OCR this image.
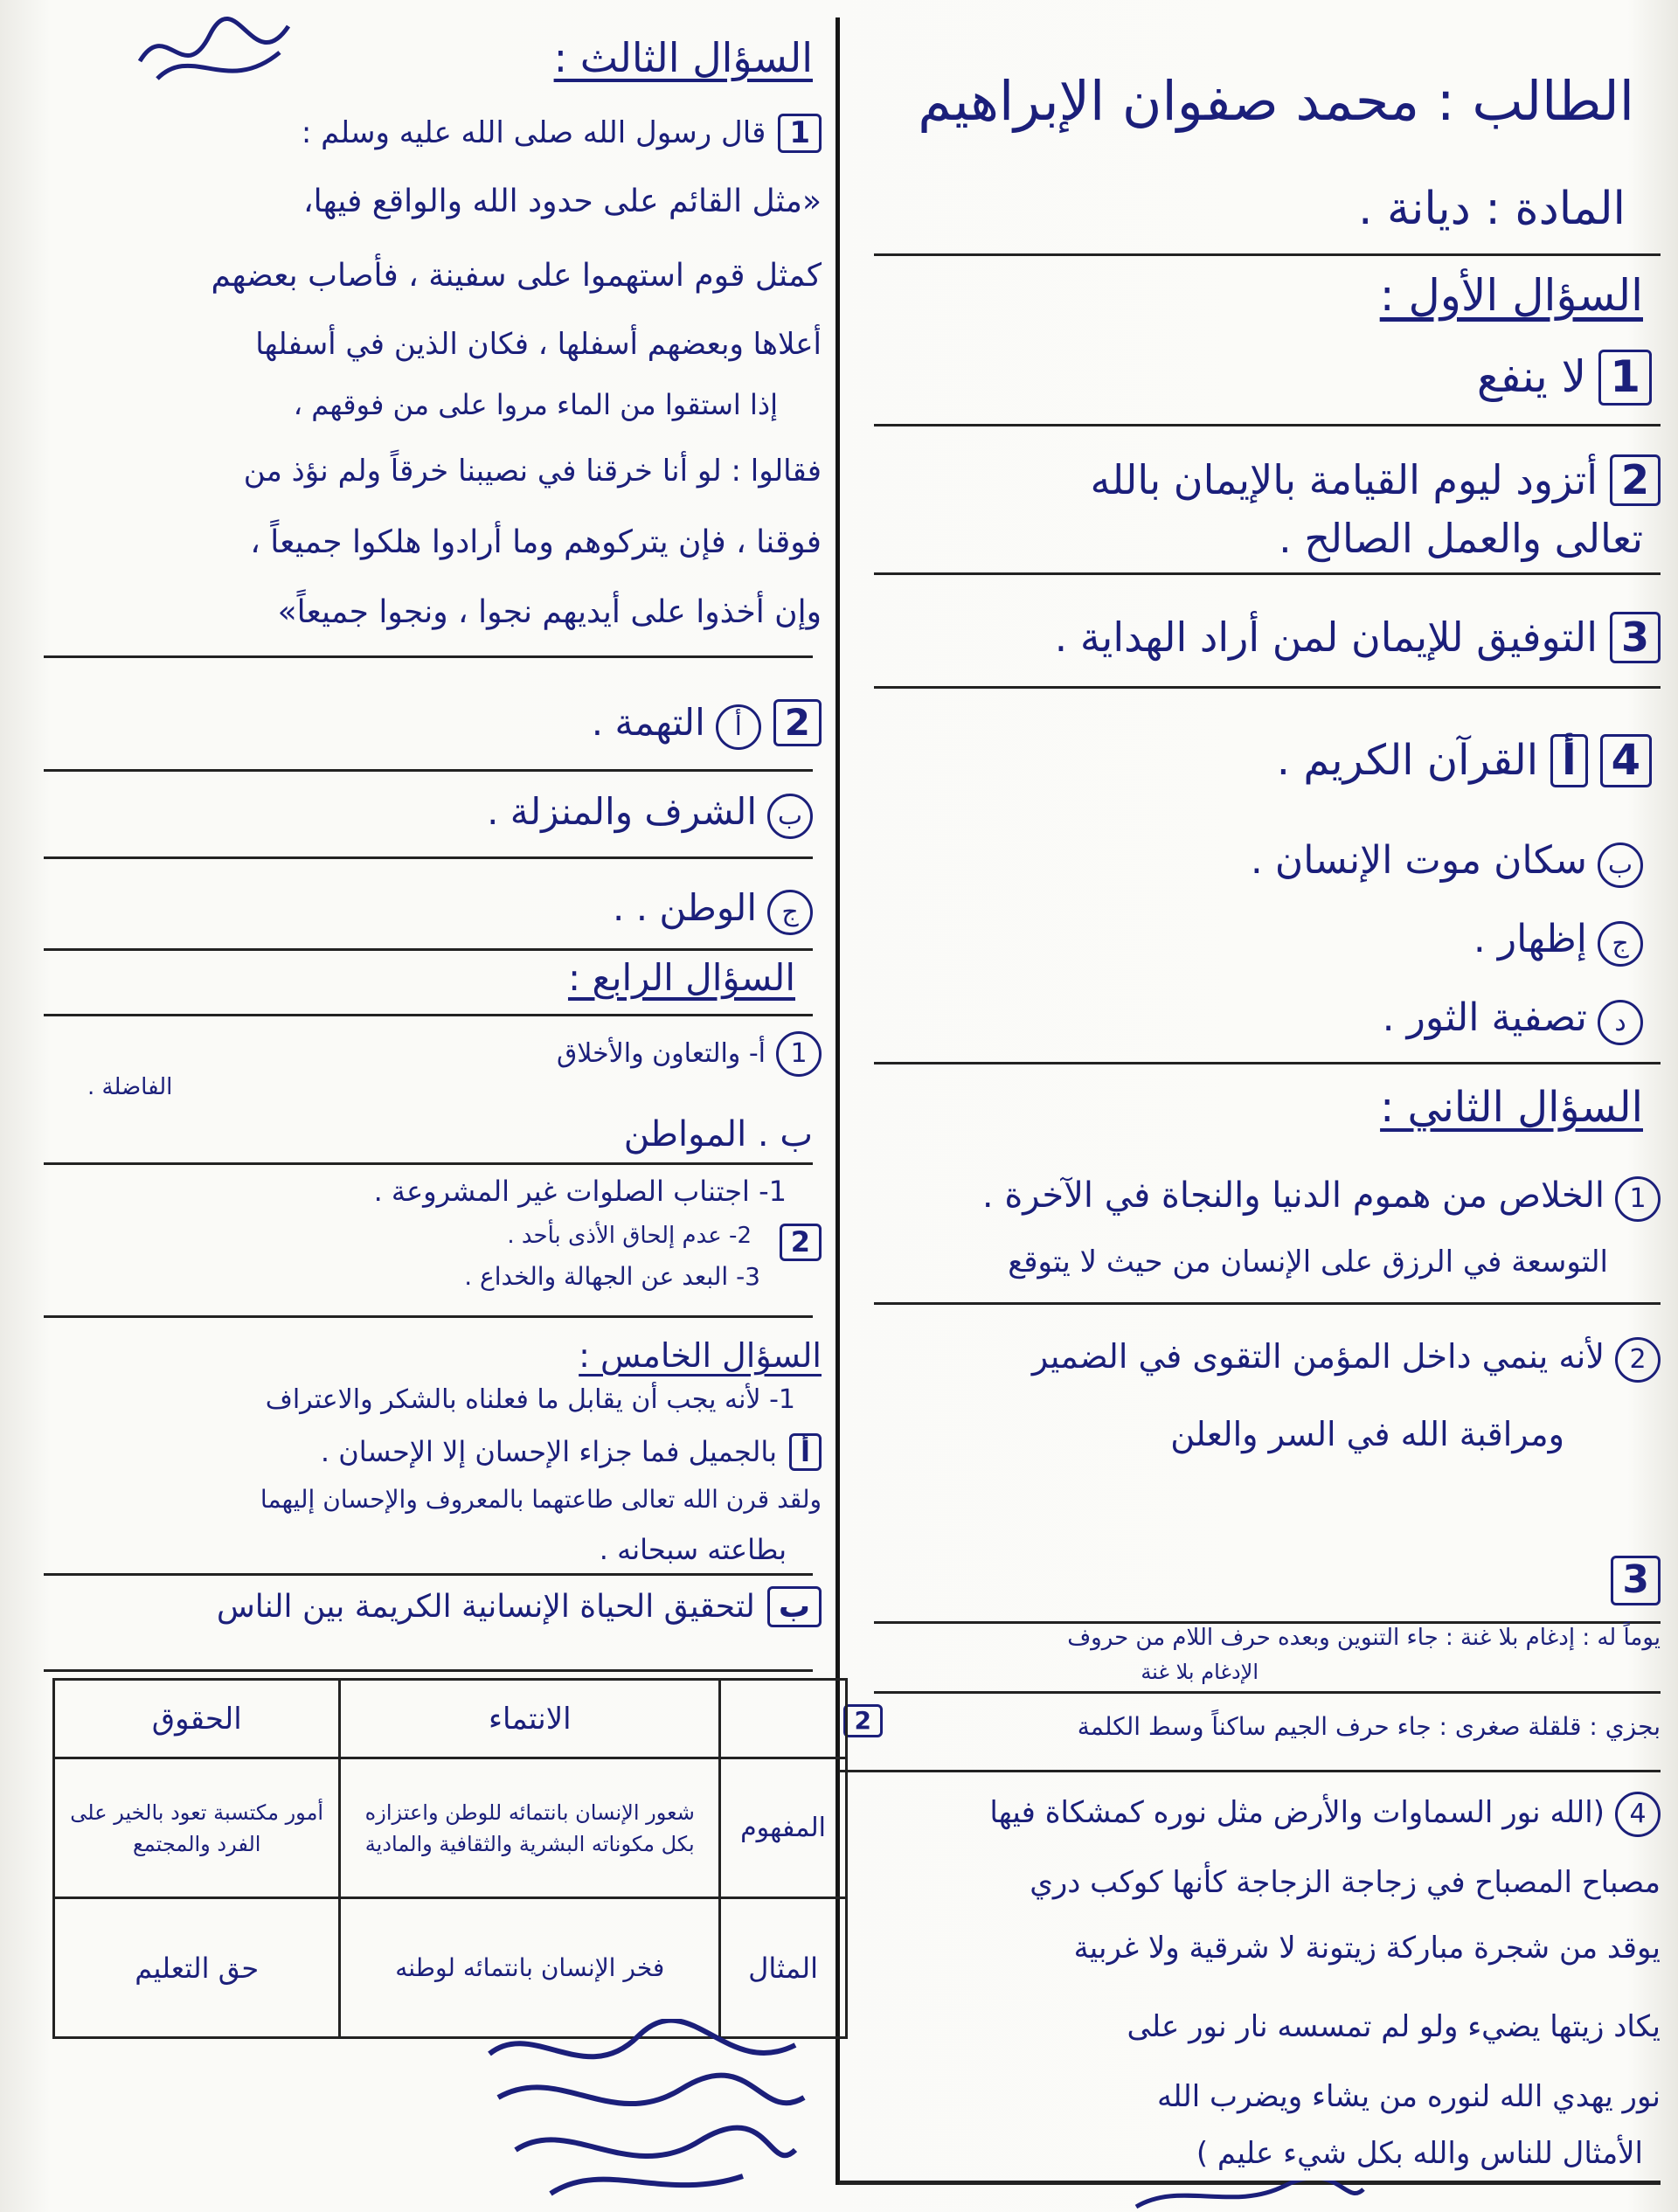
الطالب : محمد صفوان الإبراهيم
المادة : ديانة .
السؤال الأول :
1لا ينفع
2أتزود ليوم القيامة بالإيمان بالله
تعالى والعمل الصالح .
3التوفيق للإيمان لمن أراد الهداية .
4أالقرآن الكريم .
بسكان موت الإنسان .
جإظهار .
دتصفية الثور .
السؤال الثاني :
1الخلاص من هموم الدنيا والنجاة في الآخرة .
التوسعة في الرزق على الإنسان من حيث لا يتوقع
2لأنه ينمي داخل المؤمن التقوى في الضمير
ومراقبة الله في السر والعلن
3
يوماً له : إدغام بلا غنة : جاء التنوين وبعده حرف اللام من حروف
الإدغام بلا غنة
بجزي : قلقلة صغرى : جاء حرف الجيم ساكناً وسط الكلمة
4(الله نور السماوات والأرض مثل نوره كمشكاة فيها
مصباح المصباح في زجاجة الزجاجة كأنها كوكب دري
يوقد من شجرة مباركة زيتونة لا شرقية ولا غربية
يكاد زيتها يضيء ولو لم تمسسه نار نور على
نور يهدي الله لنوره من يشاء ويضرب الله
الأمثال للناس والله بكل شيء عليم )
السؤال الثالث :
1قال رسول الله صلى الله عليه وسلم :
«مثل القائم على حدود الله والواقع فيها،
كمثل قوم استهموا على سفينة ، فأصاب بعضهم
أعلاها وبعضهم أسفلها ، فكان الذين في أسفلها
إذا استقوا من الماء مروا على من فوقهم ،
فقالوا : لو أنا خرقنا في نصيبنا خرقاً ولم نؤذ من
فوقنا ، فإن يتركوهم وما أرادوا هلكوا جميعاً ،
وإن أخذوا على أيديهم نجوا ، ونجوا جميعاً»
2أالتهمة .
بالشرف والمنزلة .
جالوطن . .
السؤال الرابع :
1أ- والتعاون والأخلاق
الفاضلة .
ب . المواطن
2
1- اجتناب الصلوات غير المشروعة .
2- عدم إلحاق الأذى بأحد .
3- البعد عن الجهالة والخداع .
السؤال الخامس :
1- لأنه يجب أن يقابل ما فعلناه بالشكر والاعتراف
أبالجميل فما جزاء الإحسان إلا الإحسان .
ولقد قرن الله تعالى طاعتهما بالمعروف والإحسان إليهما
بطاعته سبحانه .
بلتحقيق الحياة الإنسانية الكريمة بين الناس
2
	الانتماء	الحقوق
المفهوم	شعور الإنسان بانتمائه للوطن واعتزازه بكل مكوناته البشرية والثقافية والمادية	أمور مكتسبة تعود بالخير على الفرد والمجتمع
المثال	فخر الإنسان بانتمائه لوطنه	حق التعليم
